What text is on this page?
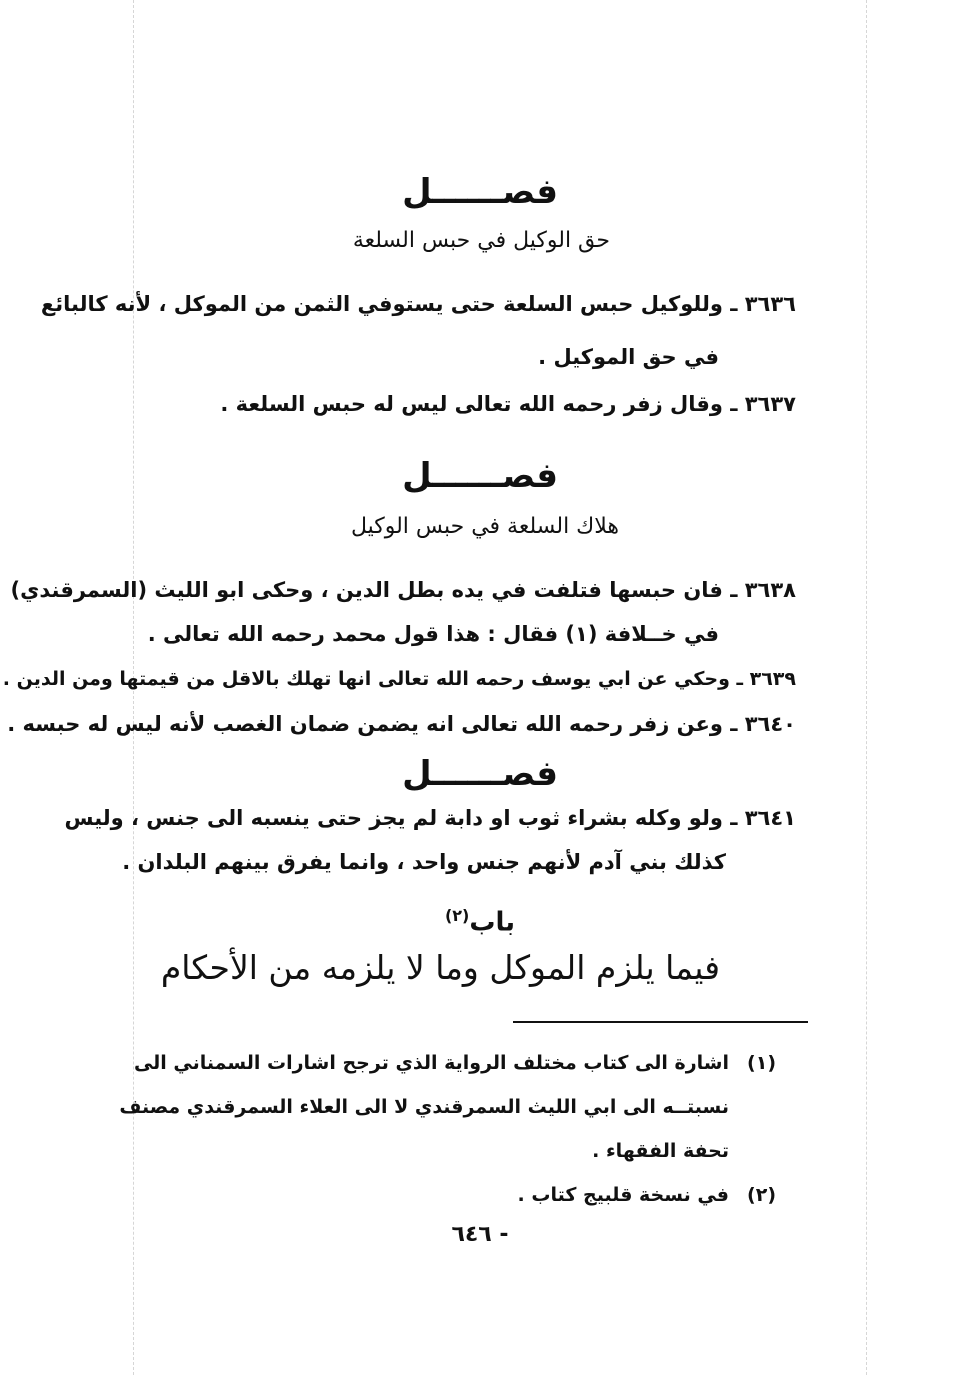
فصــــــل
حق الوكيل في حبس السلعة
٣٦٣٦ ـ وللوكيل حبس السلعة حتى يستوفي الثمن من الموكل ، لأنه كالبائع
في حق الموكيل .
٣٦٣٧ ـ وقال زفر رحمه الله تعالى ليس له حبس السلعة .
فصــــــل
هلاك السلعة في حبس الوكيل
٣٦٣٨ ـ فان حبسها فتلفت في يده بطل الدين ، وحكى ابو الليث (السمرقندي)
في خــلافة (١) فقال : هذا قول محمد رحمه الله تعالى .
٣٦٣٩ ـ وحكي عن ابي يوسف رحمه الله تعالى انها تهلك بالاقل من قيمتها ومن الدين .
٣٦٤٠ ـ وعن زفر رحمه الله تعالى انه يضمن ضمان الغصب لأنه ليس له حبسه .
فصــــــل
٣٦٤١ ـ ولو وكله بشراء ثوب او دابة لم يجز حتى ينسبه الى جنس ، وليس
كذلك بني آدم لأنهم جنس واحد ، وانما يفرق بينهم البلدان .
باب$^{(٢)}$
فيما يلزم الموكل وما لا يلزمه من الأحكام
(١)
اشارة الى كتاب مختلف الرواية الذي ترجح اشارات السمناني الى
نسبتــه الى ابي الليث السمرقندي لا الى العلاء السمرقندي مصنف
تحفة الفقهاء .
(٢)
في نسخة قلبيج كتاب .
- ٦٤٦
